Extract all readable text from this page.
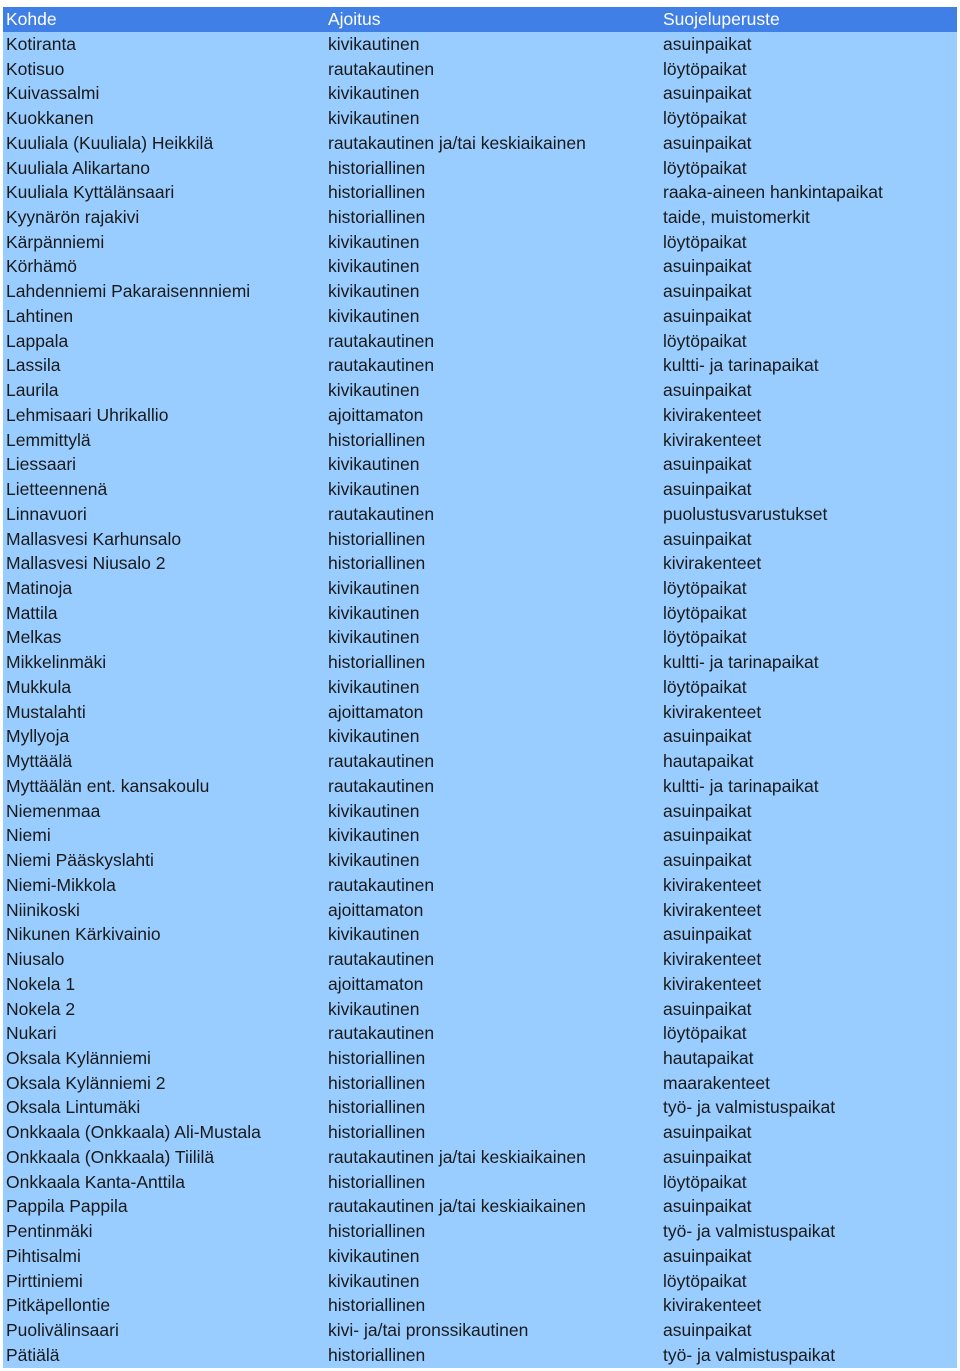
Kohde	Ajoitus	Suojeluperuste
Kotiranta	kivikautinen	asuinpaikat
Kotisuo	rautakautinen	löytöpaikat
Kuivassalmi	kivikautinen	asuinpaikat
Kuokkanen	kivikautinen	löytöpaikat
Kuuliala (Kuuliala) Heikkilä	rautakautinen ja/tai keskiaikainen	asuinpaikat
Kuuliala Alikartano	historiallinen	löytöpaikat
Kuuliala Kyttälänsaari	historiallinen	raaka-aineen hankintapaikat
Kyynärön rajakivi	historiallinen	taide, muistomerkit
Kärpänniemi	kivikautinen	löytöpaikat
Körhämö	kivikautinen	asuinpaikat
Lahdenniemi Pakaraisennniemi	kivikautinen	asuinpaikat
Lahtinen	kivikautinen	asuinpaikat
Lappala	rautakautinen	löytöpaikat
Lassila	rautakautinen	kultti- ja tarinapaikat
Laurila	kivikautinen	asuinpaikat
Lehmisaari Uhrikallio	ajoittamaton	kivirakenteet
Lemmittylä	historiallinen	kivirakenteet
Liessaari	kivikautinen	asuinpaikat
Lietteennenä	kivikautinen	asuinpaikat
Linnavuori	rautakautinen	puolustusvarustukset
Mallasvesi Karhunsalo	historiallinen	asuinpaikat
Mallasvesi Niusalo 2	historiallinen	kivirakenteet
Matinoja	kivikautinen	löytöpaikat
Mattila	kivikautinen	löytöpaikat
Melkas	kivikautinen	löytöpaikat
Mikkelinmäki	historiallinen	kultti- ja tarinapaikat
Mukkula	kivikautinen	löytöpaikat
Mustalahti	ajoittamaton	kivirakenteet
Myllyoja	kivikautinen	asuinpaikat
Myttäälä	rautakautinen	hautapaikat
Myttäälän ent. kansakoulu	rautakautinen	kultti- ja tarinapaikat
Niemenmaa	kivikautinen	asuinpaikat
Niemi	kivikautinen	asuinpaikat
Niemi Pääskyslahti	kivikautinen	asuinpaikat
Niemi-Mikkola	rautakautinen	kivirakenteet
Niinikoski	ajoittamaton	kivirakenteet
Nikunen Kärkivainio	kivikautinen	asuinpaikat
Niusalo	rautakautinen	kivirakenteet
Nokela 1	ajoittamaton	kivirakenteet
Nokela 2	kivikautinen	asuinpaikat
Nukari	rautakautinen	löytöpaikat
Oksala Kylänniemi	historiallinen	hautapaikat
Oksala Kylänniemi 2	historiallinen	maarakenteet
Oksala Lintumäki	historiallinen	työ- ja valmistuspaikat
Onkkaala (Onkkaala) Ali-Mustala	historiallinen	asuinpaikat
Onkkaala (Onkkaala) Tiililä	rautakautinen ja/tai keskiaikainen	asuinpaikat
Onkkaala Kanta-Anttila	historiallinen	löytöpaikat
Pappila Pappila	rautakautinen ja/tai keskiaikainen	asuinpaikat
Pentinmäki	historiallinen	työ- ja valmistuspaikat
Pihtisalmi	kivikautinen	asuinpaikat
Pirttiniemi	kivikautinen	löytöpaikat
Pitkäpellontie	historiallinen	kivirakenteet
Puolivälinsaari	kivi- ja/tai pronssikautinen	asuinpaikat
Pätiälä	historiallinen	työ- ja valmistuspaikat
